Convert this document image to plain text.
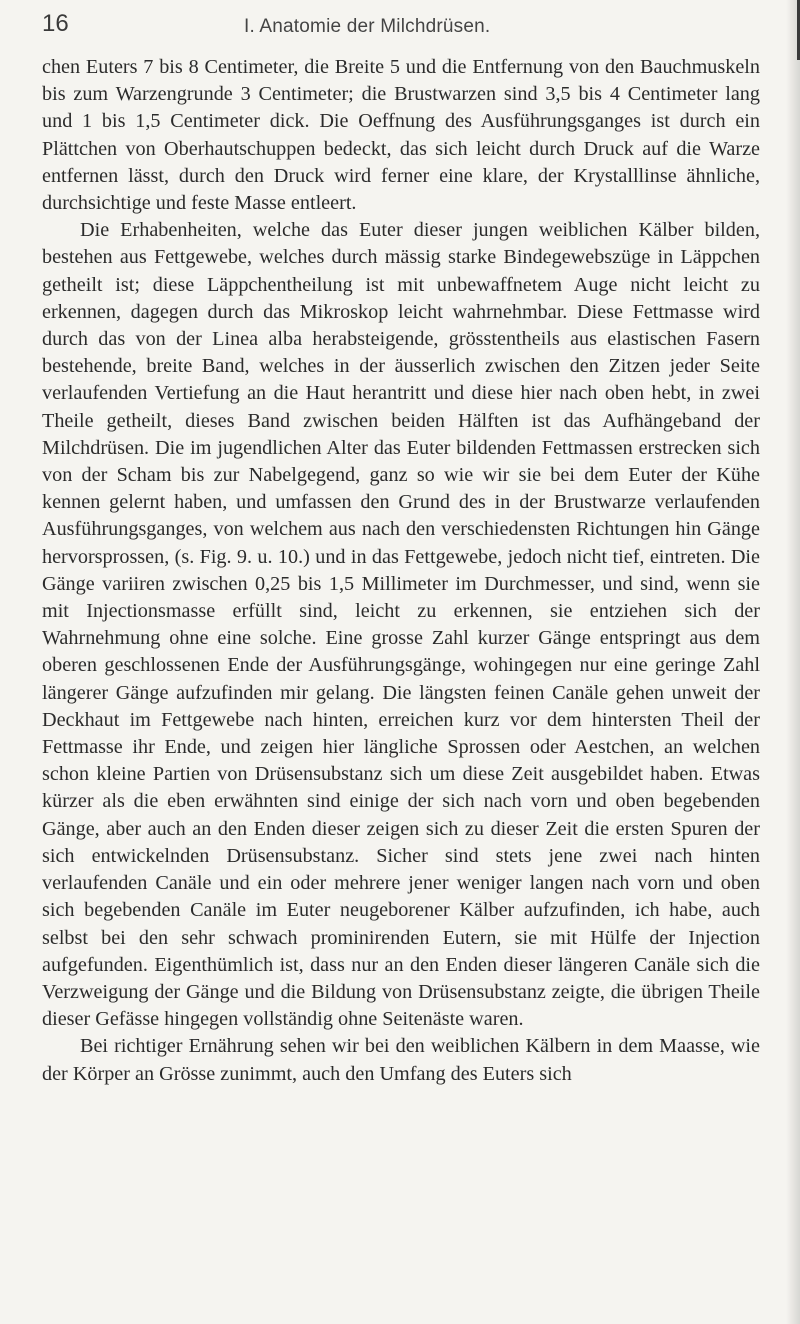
16	I. Anatomie der Milchdrüsen.

chen Euters 7 bis 8 Centimeter, die Breite 5 und die Entfernung von den Bauchmuskeln bis zum Warzengrunde 3 Centimeter; die Brustwarzen sind 3,5 bis 4 Centimeter lang und 1 bis 1,5 Centimeter dick. Die Oeffnung des Ausführungsganges ist durch ein Plättchen von Oberhautschuppen bedeckt, das sich leicht durch Druck auf die Warze entfernen lässt, durch den Druck wird ferner eine klare, der Krystalllinse ähnliche, durchsichtige und feste Masse entleert.

Die Erhabenheiten, welche das Euter dieser jungen weiblichen Kälber bilden, bestehen aus Fettgewebe, welches durch mässig starke Bindegewebszüge in Läppchen getheilt ist; diese Läppchentheilung ist mit unbewaffnetem Auge nicht leicht zu erkennen, dagegen durch das Mikroskop leicht wahrnehmbar. Diese Fettmasse wird durch das von der Linea alba herabsteigende, grösstentheils aus elastischen Fasern bestehende, breite Band, welches in der äusserlich zwischen den Zitzen jeder Seite verlaufenden Vertiefung an die Haut herantritt und diese hier nach oben hebt, in zwei Theile getheilt, dieses Band zwischen beiden Hälften ist das Aufhängeband der Milchdrüsen. Die im jugendlichen Alter das Euter bildenden Fettmassen erstrecken sich von der Scham bis zur Nabelgegend, ganz so wie wir sie bei dem Euter der Kühe kennen gelernt haben, und umfassen den Grund des in der Brustwarze verlaufenden Ausführungsganges, von welchem aus nach den verschiedensten Richtungen hin Gänge hervorsprossen, (s. Fig. 9. u. 10.) und in das Fettgewebe, jedoch nicht tief, eintreten. Die Gänge variiren zwischen 0,25 bis 1,5 Millimeter im Durchmesser, und sind, wenn sie mit Injectionsmasse erfüllt sind, leicht zu erkennen, sie entziehen sich der Wahrnehmung ohne eine solche. Eine grosse Zahl kurzer Gänge entspringt aus dem oberen geschlossenen Ende der Ausführungsgänge, wohingegen nur eine geringe Zahl längerer Gänge aufzufinden mir gelang. Die längsten feinen Canäle gehen unweit der Deckhaut im Fettgewebe nach hinten, erreichen kurz vor dem hintersten Theil der Fettmasse ihr Ende, und zeigen hier längliche Sprossen oder Aestchen, an welchen schon kleine Partien von Drüsensubstanz sich um diese Zeit ausgebildet haben. Etwas kürzer als die eben erwähnten sind einige der sich nach vorn und oben begebenden Gänge, aber auch an den Enden dieser zeigen sich zu dieser Zeit die ersten Spuren der sich entwickelnden Drüsensubstanz. Sicher sind stets jene zwei nach hinten verlaufenden Canäle und ein oder mehrere jener weniger langen nach vorn und oben sich begebenden Canäle im Euter neugeborener Kälber aufzufinden, ich habe, auch selbst bei den sehr schwach prominirenden Eutern, sie mit Hülfe der Injection aufgefunden. Eigenthümlich ist, dass nur an den Enden dieser längeren Canäle sich die Verzweigung der Gänge und die Bildung von Drüsensubstanz zeigte, die übrigen Theile dieser Gefässe hingegen vollständig ohne Seitenäste waren.

Bei richtiger Ernährung sehen wir bei den weiblichen Kälbern in dem Maasse, wie der Körper an Grösse zunimmt, auch den Umfang des Euters sich
